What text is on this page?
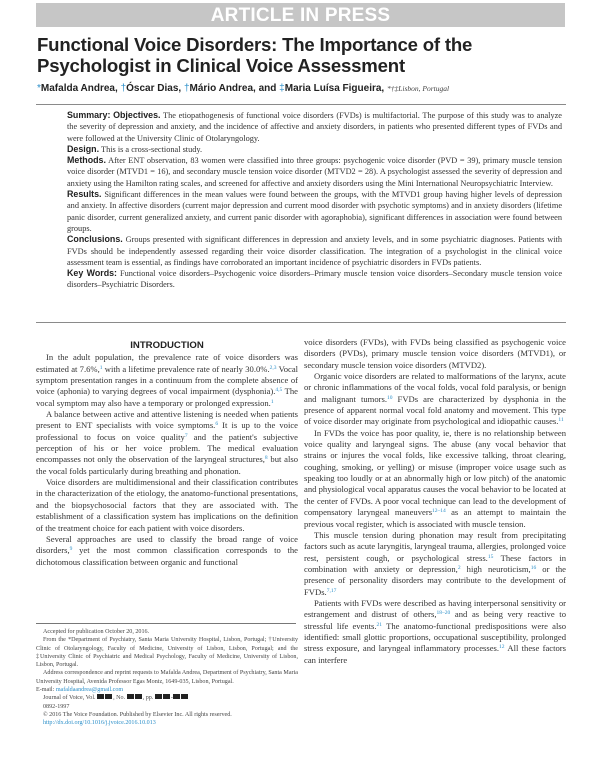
ARTICLE IN PRESS
Functional Voice Disorders: The Importance of the Psychologist in Clinical Voice Assessment
*Mafalda Andrea, †Óscar Dias, †Mário Andrea, and ‡Maria Luísa Figueira, *†‡Lisbon, Portugal

Summary: Objectives. The etiopathogenesis of functional voice disorders (FVDs) is multifactorial. The purpose of this study was to analyze the severity of depression and anxiety, and the incidence of affective and anxiety disorders, in patients who presented different types of FVDs and were followed at the University Clinic of Otolaryngology.

Design. This is a cross-sectional study.

Methods. After ENT observation, 83 women were classified into three groups: psychogenic voice disorder (PVD = 39), primary muscle tension voice disorder (MTVD1 = 16), and secondary muscle tension voice disorder (MTVD2 = 28). A psychologist assessed the severity of depression and anxiety using the Hamilton rating scales, and screened for affective and anxiety disorders using the Mini International Neuropsychiatric Interview.

Results. Significant differences in the mean values were found between the groups, with the MTVD1 group having higher levels of depression and anxiety. In affective disorders (current major depression and current mood disorder with psychotic symptoms) and in anxiety disorders (lifetime panic disorder, current generalized anxiety, and current panic disorder with agoraphobia), significant differences in association were found between groups.

Conclusions. Groups presented with significant differences in depression and anxiety levels, and in some psychiatric diagnoses. Patients with FVDs should be independently assessed regarding their voice disorder classification. The integration of a psychologist in the clinical voice assessment team is essential, as findings have corroborated an important incidence of psychiatric disorders in FVDs patients.

Key Words: Functional voice disorders–Psychogenic voice disorders–Primary muscle tension voice disorders–Secondary muscle tension voice disorders–Psychiatric Disorders.

INTRODUCTION

In the adult population, the prevalence rate of voice disorders was estimated at 7.6%,$^1$ with a lifetime prevalence rate of nearly 30.0%.$^{2,3}$ Vocal symptom presentation ranges in a continuum from the complete absence of voice (aphonia) to varying degrees of vocal impairment (dysphonia).$^{4,5}$ The vocal symptom may also have a temporary or prolonged expression.$^1$

A balance between active and attentive listening is needed when patients present to ENT specialists with voice symptoms.$^6$ It is up to the voice professional to focus on voice quality$^7$ and the patient's subjective perception of his or her voice problem. The medical evaluation encompasses not only the observation of the laryngeal structures,$^8$ but also the vocal folds particularly during breathing and phonation.

Voice disorders are multidimensional and their classification contributes in the characterization of the etiology, the anatomo-functional presentations, and the biopsychosocial factors that they are associated with. The establishment of a classification system has implications on the definition of the treatment choice for each patient with voice disorders.

Several approaches are used to classify the broad range of voice disorders,$^9$ yet the most common classification corresponds to the dichotomous classification between organic and functional

voice disorders (FVDs), with FVDs being classified as psychogenic voice disorders (PVDs), primary muscle tension voice disorders (MTVD1), or secondary muscle tension voice disorders (MTVD2).

Organic voice disorders are related to malformations of the larynx, acute or chronic inflammations of the vocal folds, vocal fold paralysis, or benign and malignant tumors.$^{10}$ FVDs are characterized by dysphonia in the presence of apparent normal vocal fold anatomy and movement. This type of voice disorder may originate from psychological and idiopathic causes.$^{11}$

In FVDs the voice has poor quality, ie, there is no relationship between voice quality and laryngeal signs. The abuse (any vocal behavior that strains or injures the vocal folds, like excessive talking, throat clearing, coughing, smoking, or yelling) or misuse (improper voice usage such as speaking too loudly or at an abnormally high or low pitch) of the anatomic and physiological vocal apparatus causes the vocal behavior to be located at the center of FVDs. A poor vocal technique can lead to the development of compensatory laryngeal maneuvers$^{12-14}$ as an attempt to maintain the previous vocal register, which is associated with muscle tension.

This muscle tension during phonation may result from precipitating factors such as acute laryngitis, laryngeal trauma, allergies, prolonged voice rest, persistent cough, or psychological stress.$^{15}$ These factors in combination with anxiety or depression,$^2$ high neuroticism,$^{16}$ or the presence of personality disorders may contribute to the development of FVDs.$^{7,17}$

Patients with FVDs were described as having interpersonal sensitivity or estrangement and distrust of others,$^{18-20}$ and as being very reactive to stressful life events.$^{21}$ The anatomo-functional predispositions were also identified: small glottic proportions, occupational susceptibility, prolonged stress exposure, and laryngeal inflammatory processes.$^{12}$ All these factors can interfere

Accepted for publication October 20, 2016.

From the *Department of Psychiatry, Santa Maria University Hospital, Lisbon, Portugal; †University Clinic of Otolaryngology, Faculty of Medicine, University of Lisbon, Lisbon, Portugal; and the ‡University Clinic of Psychiatric and Medical Psychology, Faculty of Medicine, University of Lisbon, Lisbon, Portugal.

Address correspondence and reprint requests to Mafalda Andrea, Department of Psychiatry, Santa Maria University Hospital, Avenida Professor Egas Moniz, 1649-035, Lisbon, Portugal.

E-mail: mafaldaandrea@gmail.com

Journal of Voice, Vol.	, No.	, pp.	-

0892-1997

© 2016 The Voice Foundation. Published by Elsevier Inc. All rights reserved.

http://dx.doi.org/10.1016/j.jvoice.2016.10.013
